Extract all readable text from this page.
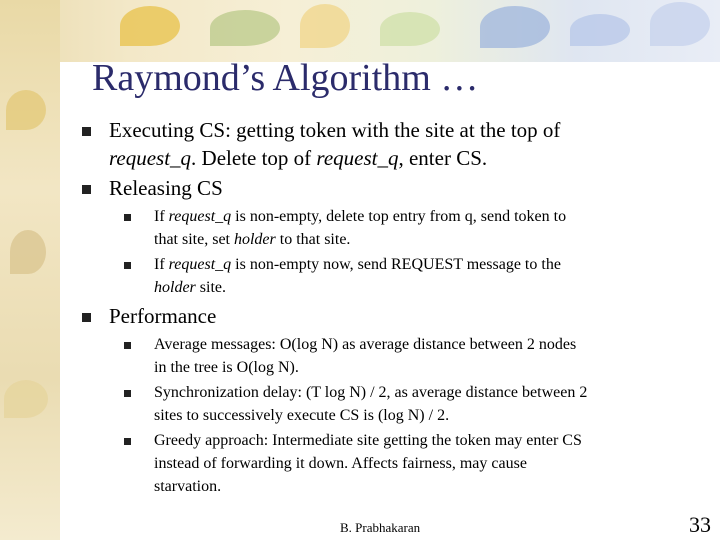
Raymond’s Algorithm …
Executing CS: getting token with the site at the top of
request_q. Delete top of request_q, enter CS.
Releasing CS
If request_q is non-empty, delete top entry from q, send token to
that site, set holder to that site.
If request_q is non-empty now, send REQUEST message to the
holder site.
Performance
Average messages: O(log N) as average distance between 2 nodes
in the tree is O(log N).
Synchronization delay: (T log N) / 2, as average distance between 2
sites to successively execute CS is (log N) / 2.
Greedy approach: Intermediate site getting the token may enter CS
instead of forwarding it down. Affects fairness, may cause
starvation.
B. Prabhakaran	33
